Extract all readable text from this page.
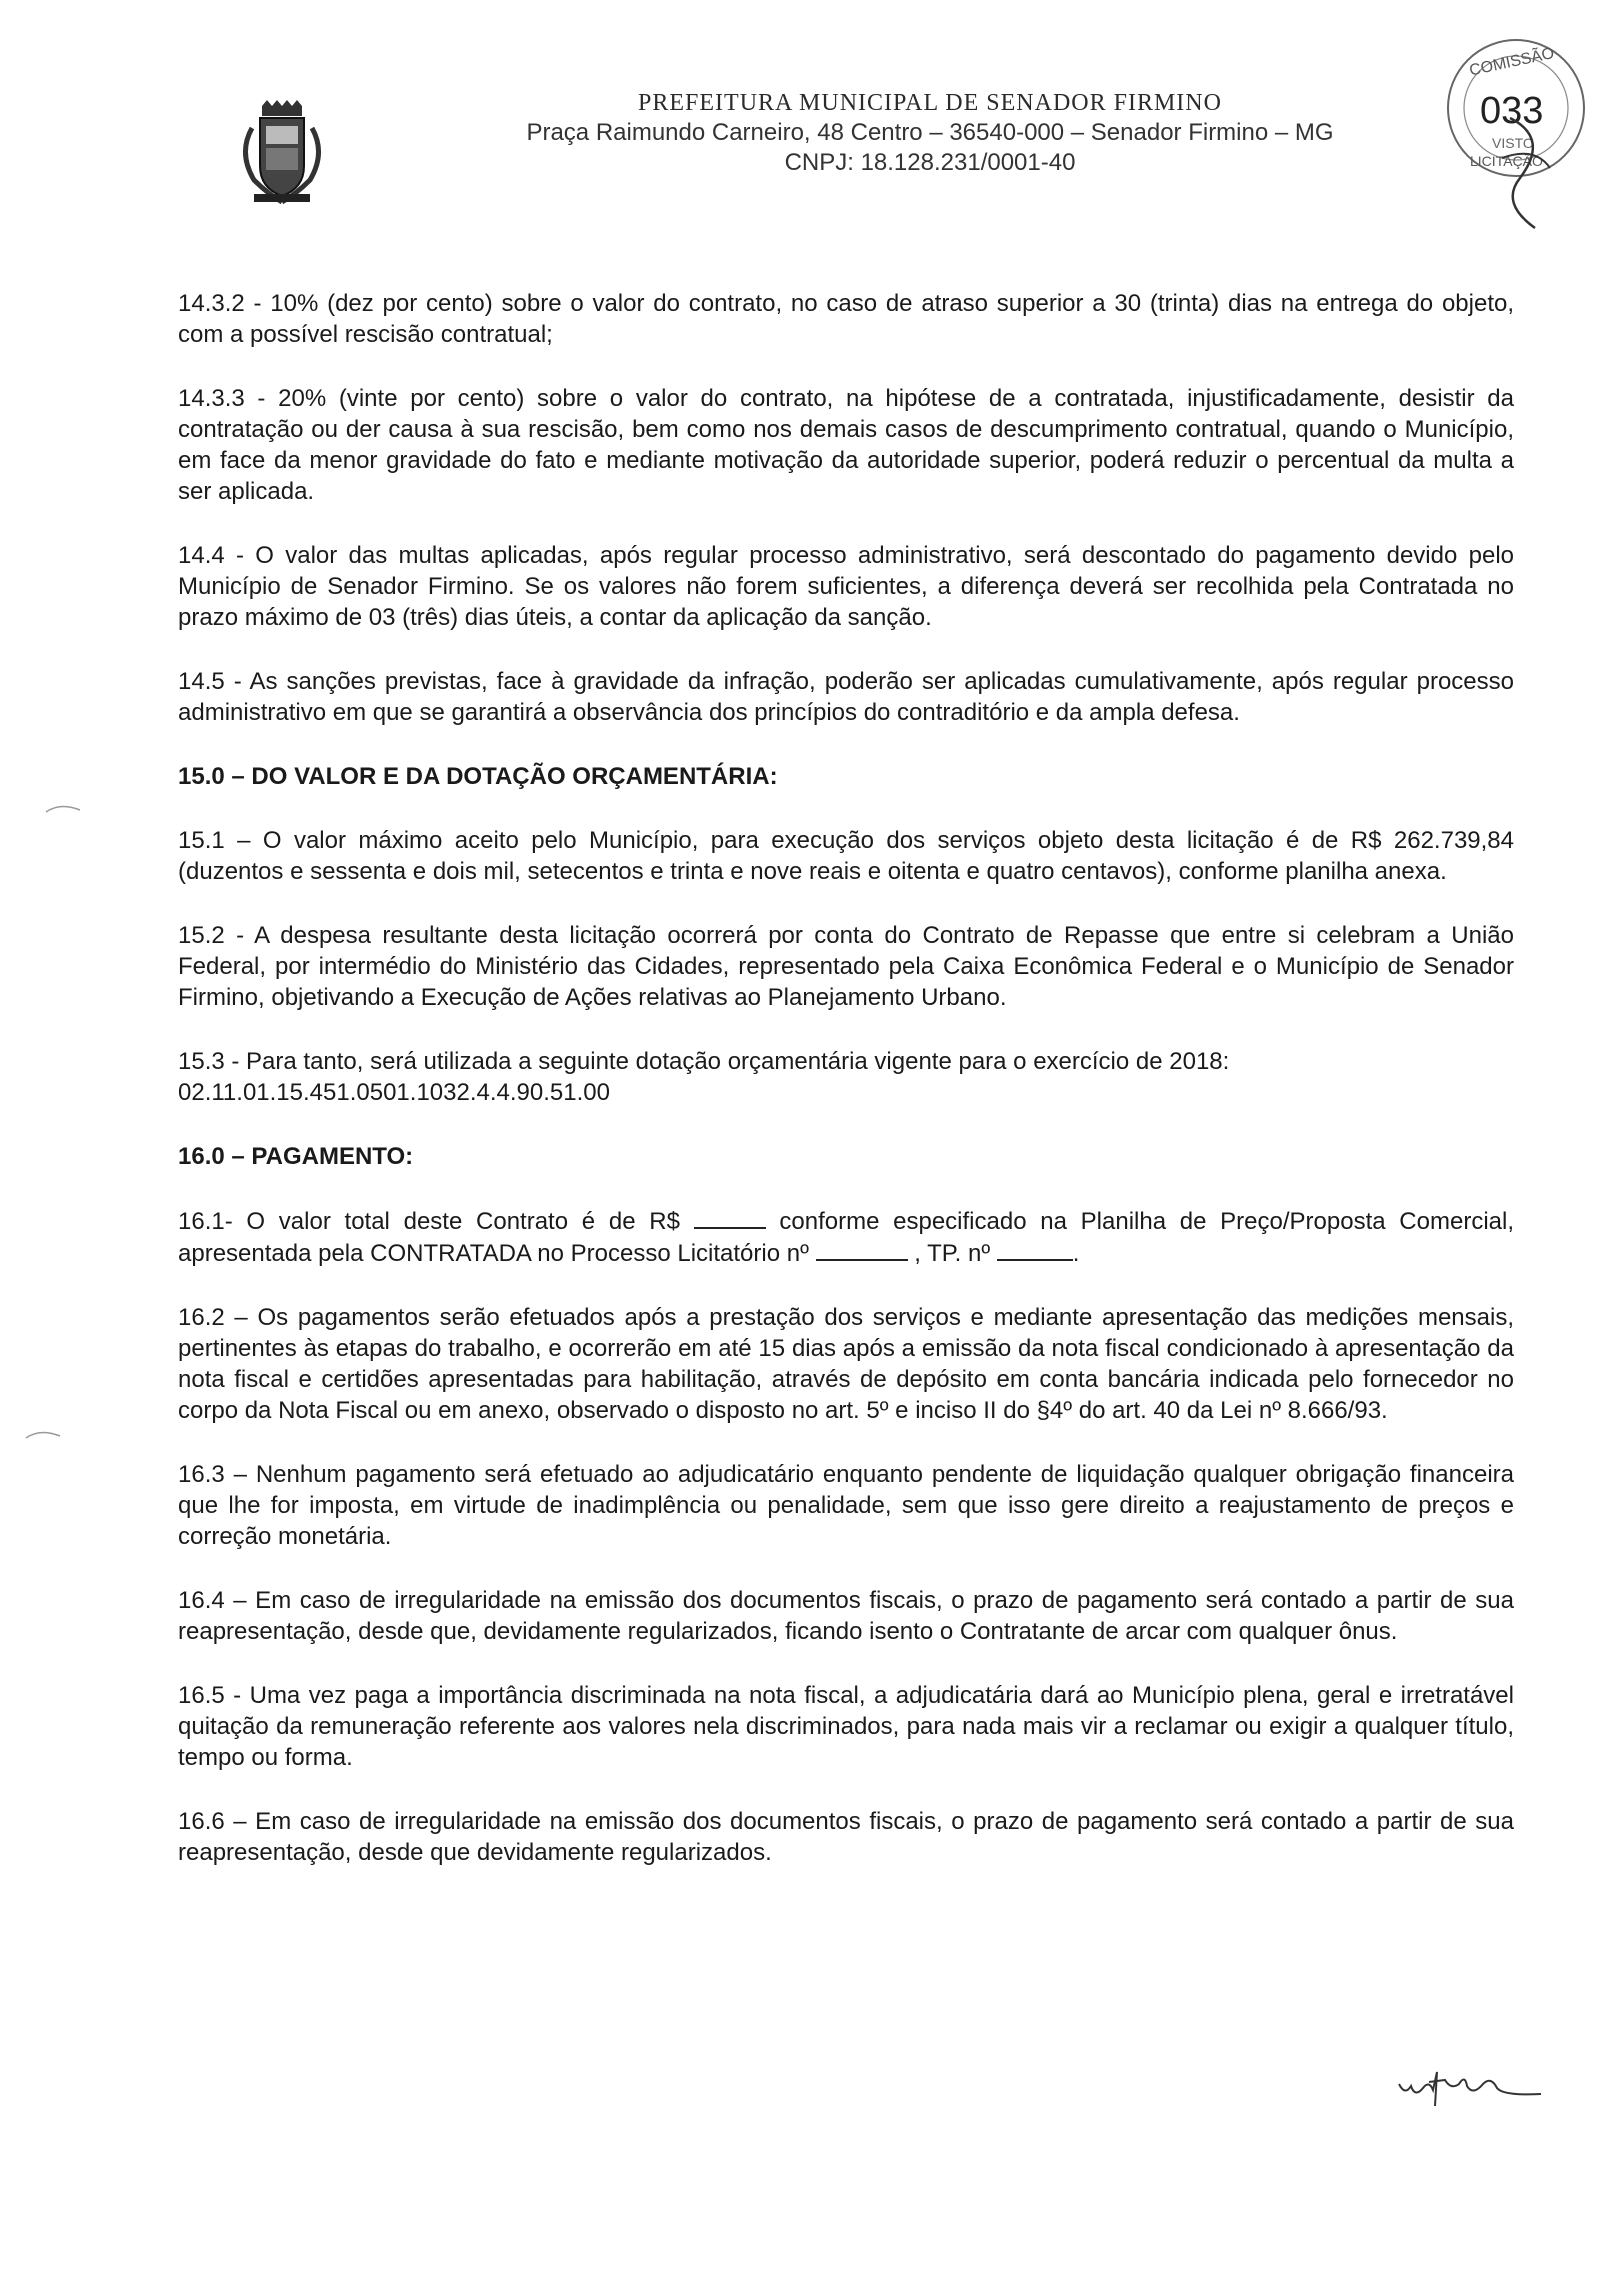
PREFEITURA MUNICIPAL DE SENADOR FIRMINO
Praça Raimundo Carneiro, 48 Centro – 36540-000 – Senador Firmino – MG
CNPJ: 18.128.231/0001-40
COMISSÃO
033
VISTO
LICITAÇÃO

14.3.2 - 10% (dez por cento) sobre o valor do contrato, no caso de atraso superior a 30 (trinta) dias na entrega do objeto, com a possível rescisão contratual;

14.3.3 - 20% (vinte por cento) sobre o valor do contrato, na hipótese de a contratada, injustificadamente, desistir da contratação ou der causa à sua rescisão, bem como nos demais casos de descumprimento contratual, quando o Município, em face da menor gravidade do fato e mediante motivação da autoridade superior, poderá reduzir o percentual da multa a ser aplicada.

14.4 - O valor das multas aplicadas, após regular processo administrativo, será descontado do pagamento devido pelo Município de Senador Firmino. Se os valores não forem suficientes, a diferença deverá ser recolhida pela Contratada no prazo máximo de 03 (três) dias úteis, a contar da aplicação da sanção.

14.5 - As sanções previstas, face à gravidade da infração, poderão ser aplicadas cumulativamente, após regular processo administrativo em que se garantirá a observância dos princípios do contraditório e da ampla defesa.

15.0 – DO VALOR E DA DOTAÇÃO ORÇAMENTÁRIA:

15.1 – O valor máximo aceito pelo Município, para execução dos serviços objeto desta licitação é de R$ 262.739,84 (duzentos e sessenta e dois mil, setecentos e trinta e nove reais e oitenta e quatro centavos), conforme planilha anexa.

15.2 - A despesa resultante desta licitação ocorrerá por conta do Contrato de Repasse que entre si celebram a União Federal, por intermédio do Ministério das Cidades, representado pela Caixa Econômica Federal e o Município de Senador Firmino, objetivando a Execução de Ações relativas ao Planejamento Urbano.

15.3 - Para tanto, será utilizada a seguinte dotação orçamentária vigente para o exercício de 2018:
02.11.01.15.451.0501.1032.4.4.90.51.00

16.0 – PAGAMENTO:

16.1- O valor total deste Contrato é de R$	conforme especificado na Planilha de Preço/Proposta Comercial, apresentada pela CONTRATADA no Processo Licitatório nº	, TP. nº	.

16.2 – Os pagamentos serão efetuados após a prestação dos serviços e mediante apresentação das medições mensais, pertinentes às etapas do trabalho, e ocorrerão em até 15 dias após a emissão da nota fiscal condicionado à apresentação da nota fiscal e certidões apresentadas para habilitação, através de depósito em conta bancária indicada pelo fornecedor no corpo da Nota Fiscal ou em anexo, observado o disposto no art. 5º e inciso II do §4º do art. 40 da Lei nº 8.666/93.

16.3 – Nenhum pagamento será efetuado ao adjudicatário enquanto pendente de liquidação qualquer obrigação financeira que lhe for imposta, em virtude de inadimplência ou penalidade, sem que isso gere direito a reajustamento de preços e correção monetária.

16.4 – Em caso de irregularidade na emissão dos documentos fiscais, o prazo de pagamento será contado a partir de sua reapresentação, desde que, devidamente regularizados, ficando isento o Contratante de arcar com qualquer ônus.

16.5 - Uma vez paga a importância discriminada na nota fiscal, a adjudicatária dará ao Município plena, geral e irretratável quitação da remuneração referente aos valores nela discriminados, para nada mais vir a reclamar ou exigir a qualquer título, tempo ou forma.

16.6 – Em caso de irregularidade na emissão dos documentos fiscais, o prazo de pagamento será contado a partir de sua reapresentação, desde que devidamente regularizados.
